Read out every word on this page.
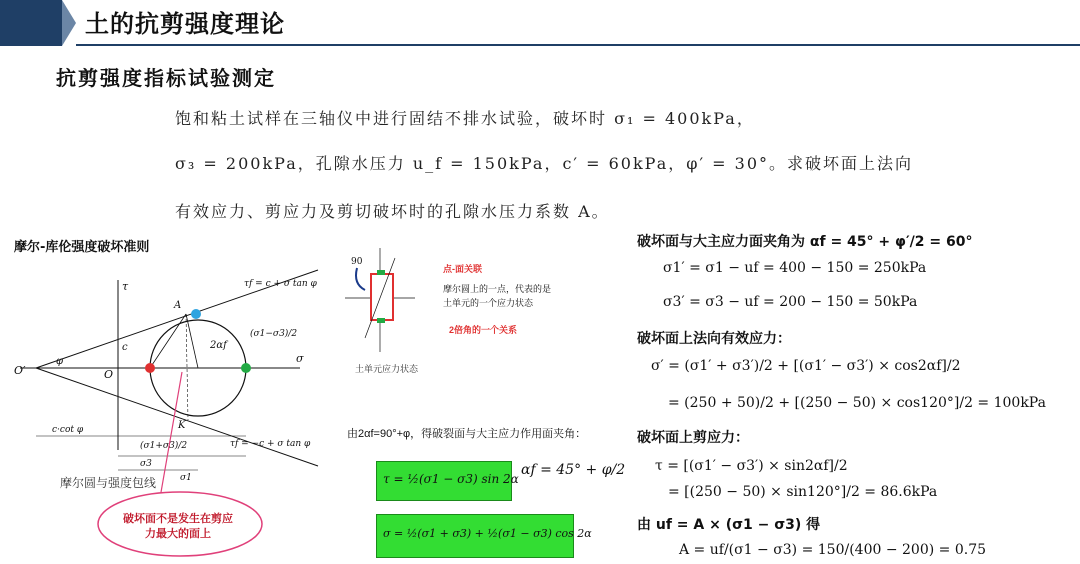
土的抗剪强度理论
抗剪强度指标试验测定
饱和粘土试样在三轴仪中进行固结不排水试验，破坏时 σ₁ = 400kPa，
σ₃ = 200kPa，孔隙水压力 u_f = 150kPa，c′ = 60kPa，φ′ = 30°。求破坏面上法向
有效应力、剪应力及剪切破坏时的孔隙水压力系数 A。
摩尔-库伦强度破坏准则
τf = c + σ tan φ
τf = −c + σ tan φ
σ
τ
O
O′
φ
c
A
K
2αf
c·cot φ
(σ1+σ3)/2
σ3
σ1
(σ1−σ3)/2
摩尔圆与强度包线
破坏面不是发生在剪应力最大的面上
90
土单元应力状态
点-面关联
摩尔圆上的一点，代表的是
土单元的一个应力状态
2倍角的一个关系
由2αf=90°+φ，得破裂面与大主应力作用面夹角：
τ = ½(σ1 − σ3) sin 2α
αf = 45° + φ/2
σ = ½(σ1 + σ3) + ½(σ1 − σ3) cos 2α
破坏面与大主应力面夹角为 αf = 45° + φ′/2 = 60°
σ1′ = σ1 − uf = 400 − 150 = 250kPa
σ3′ = σ3 − uf = 200 − 150 = 50kPa
破坏面上法向有效应力：
σ′ = (σ1′ + σ3′)/2 + [(σ1′ − σ3′) × cos2αf]/2
= (250 + 50)/2 + [(250 − 50) × cos120°]/2 = 100kPa
破坏面上剪应力：
τ = [(σ1′ − σ3′) × sin2αf]/2
= [(250 − 50) × sin120°]/2 = 86.6kPa
由 uf = A × (σ1 − σ3) 得
A = uf/(σ1 − σ3) = 150/(400 − 200) = 0.75
